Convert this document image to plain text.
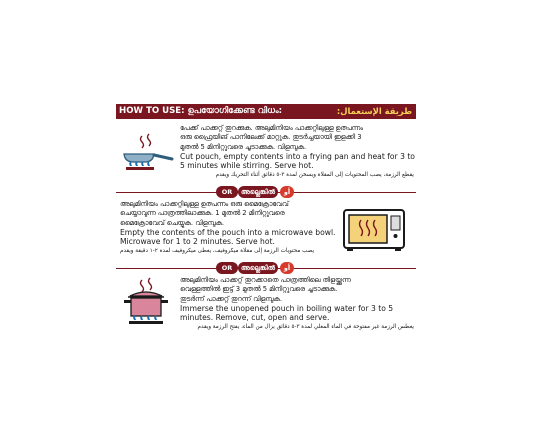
HOW TO USE: ഉപയോഗിക്കേണ്ട വിധം:	طريقة الإستعمال:
പേക്ക് പാക്കറ്റ് തുറക്കുക. അലുമിനിയം പാക്കറ്റിലുള്ള ഉത്പന്നം
ഒരു ഫ്രൈയിങ് പാനിലേക്ക് മാറ്റുക. തുടർച്ചയായി ഇളക്കി 3
മുതൽ 5 മിനിറ്റുവരെ ചൂടാക്കുക. വിളമ്പുക.
Cut pouch, empty contents into a frying pan and heat for 3 to
5 minutes while stirring. Serve hot.
يقطع الرزمة، يصب المحتويات إلى المقلاة ويسخن لمدة ٣-٥ دقائق أثناء التحريك ويقدم
OR	അല്ലെങ്കിൽ	أو
അലുമിനിയം പാക്കറ്റിലുള്ള ഉത്പന്നം ഒരു മൈക്രോവേവ്
ചെയ്യാവുന്ന പാത്രത്തിലാക്കുക. 1 മുതൽ 2 മിനിറ്റുവരെ
മൈക്രോവേവ് ചെയ്യുക. വിളമ്പുക.
Empty the contents of the pouch into a microwave bowl.
Microwave for 1 to 2 minutes. Serve hot.
يصب محتويات الرزمة إلى مقلاة ميكروفيف، يغطى ميكروفيف لمدة ٢-١ دقيقة ويقدم
OR	അല്ലെങ്കിൽ	أو
അലുമിനിയം പാക്കറ്റ് തുറക്കാതെ പാത്രത്തിലെ തിളയ്ക്കുന്ന
വെള്ളത്തിൽ ഇട്ട് 3 മുതൽ 5 മിനിറ്റുവരെ ചൂടാക്കുക.
തുടർന്ന് പാക്കറ്റ് തുറന്ന് വിളമ്പുക.
Immerse the unopened pouch in boiling water for 3 to 5
minutes. Remove, cut, open and serve.
يغطس الرزمة غير مفتوحة في الماء المغلي لمدة ٣-٥ دقائق يزال من الماء، يفتح الرزمة ويقدم
